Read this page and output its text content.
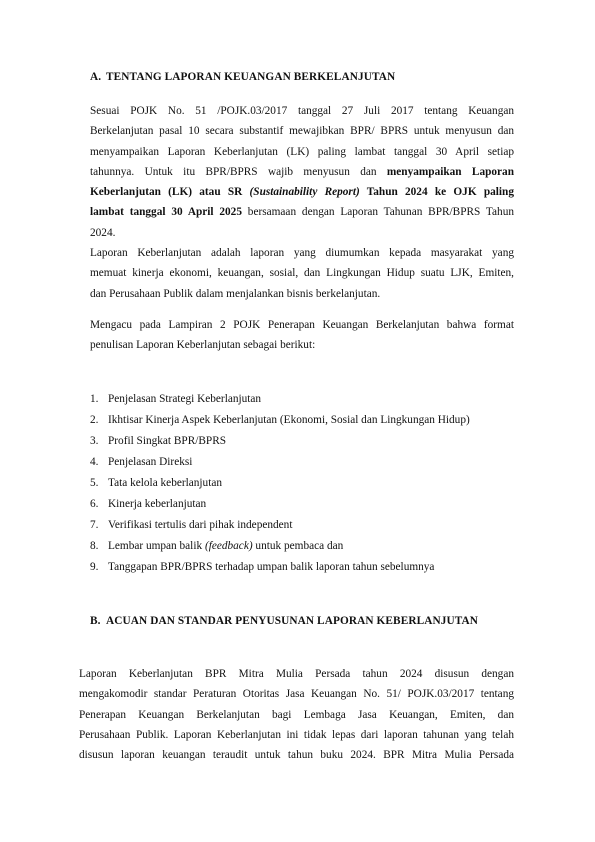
A. TENTANG LAPORAN KEUANGAN BERKELANJUTAN
Sesuai POJK No. 51 /POJK.03/2017 tanggal 27 Juli 2017 tentang Keuangan
Berkelanjutan pasal 10 secara substantif mewajibkan BPR/ BPRS untuk menyusun dan
menyampaikan Laporan Keberlanjutan (LK) paling lambat tanggal 30 April setiap
tahunnya. Untuk itu BPR/BPRS wajib menyusun dan menyampaikan Laporan
Keberlanjutan (LK) atau SR (Sustainability Report) Tahun 2024 ke OJK paling
lambat tanggal 30 April 2025 bersamaan dengan Laporan Tahunan BPR/BPRS Tahun
2024.
Laporan Keberlanjutan adalah laporan yang diumumkan kepada masyarakat yang
memuat kinerja ekonomi, keuangan, sosial, dan Lingkungan Hidup suatu LJK, Emiten,
dan Perusahaan Publik dalam menjalankan bisnis berkelanjutan.
Mengacu pada Lampiran 2 POJK Penerapan Keuangan Berkelanjutan bahwa format
penulisan Laporan Keberlanjutan sebagai berikut:
1. Penjelasan Strategi Keberlanjutan
2. Ikhtisar Kinerja Aspek Keberlanjutan (Ekonomi, Sosial dan Lingkungan Hidup)
3. Profil Singkat BPR/BPRS
4. Penjelasan Direksi
5. Tata kelola keberlanjutan
6. Kinerja keberlanjutan
7. Verifikasi tertulis dari pihak independent
8. Lembar umpan balik (feedback) untuk pembaca dan
9. Tanggapan BPR/BPRS terhadap umpan balik laporan tahun sebelumnya
B. ACUAN DAN STANDAR PENYUSUNAN LAPORAN KEBERLANJUTAN
Laporan Keberlanjutan BPR Mitra Mulia Persada tahun 2024 disusun dengan
mengakomodir standar Peraturan Otoritas Jasa Keuangan No. 51/ POJK.03/2017 tentang
Penerapan Keuangan Berkelanjutan bagi Lembaga Jasa Keuangan, Emiten, dan
Perusahaan Publik. Laporan Keberlanjutan ini tidak lepas dari laporan tahunan yang telah
disusun laporan keuangan teraudit untuk tahun buku 2024. BPR Mitra Mulia Persada
